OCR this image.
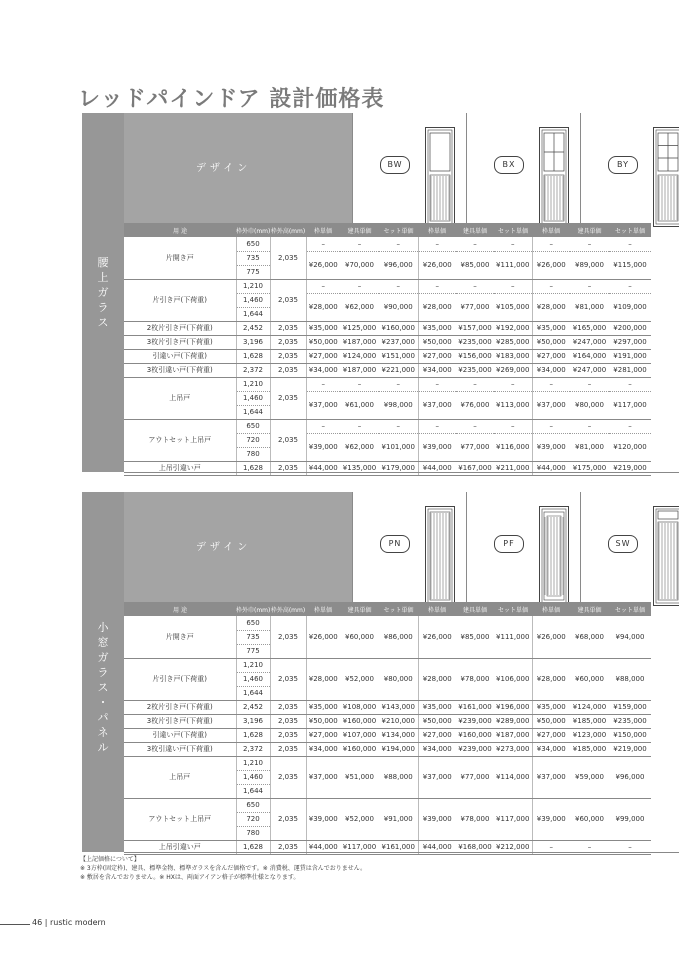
レッドパインドア 設計価格表
腰
上
ガ
ラ
ス
デザイン	BW	BX	BY
用 途	枠外巾(mm)	枠外高(mm)	枠単価	建具単価	セット単価	枠単価	建具単価	セット単価	枠単価	建具単価	セット単価
片開き戸	650	2,035	–	–	–	–	–	–	–	–	–
	735		¥26,000	¥70,000	¥96,000	¥26,000	¥85,000	¥111,000	¥26,000	¥89,000	¥115,000
	775										
片引き戸(下荷重)	1,210	2,035	–	–	–	–	–	–	–	–	–
	1,460		¥28,000	¥62,000	¥90,000	¥28,000	¥77,000	¥105,000	¥28,000	¥81,000	¥109,000
	1,644										
2枚片引き戸(下荷重)	2,452	2,035	¥35,000	¥125,000	¥160,000	¥35,000	¥157,000	¥192,000	¥35,000	¥165,000	¥200,000
3枚片引き戸(下荷重)	3,196	2,035	¥50,000	¥187,000	¥237,000	¥50,000	¥235,000	¥285,000	¥50,000	¥247,000	¥297,000
引違い戸(下荷重)	1,628	2,035	¥27,000	¥124,000	¥151,000	¥27,000	¥156,000	¥183,000	¥27,000	¥164,000	¥191,000
3枚引違い戸(下荷重)	2,372	2,035	¥34,000	¥187,000	¥221,000	¥34,000	¥235,000	¥269,000	¥34,000	¥247,000	¥281,000
上吊戸	1,210	2,035	–	–	–	–	–	–	–	–	–
	1,460		¥37,000	¥61,000	¥98,000	¥37,000	¥76,000	¥113,000	¥37,000	¥80,000	¥117,000
	1,644										
アウトセット上吊戸	650	2,035	–	–	–	–	–	–	–	–	–
	720		¥39,000	¥62,000	¥101,000	¥39,000	¥77,000	¥116,000	¥39,000	¥81,000	¥120,000
	780										
上吊引違い戸	1,628	2,035	¥44,000	¥135,000	¥179,000	¥44,000	¥167,000	¥211,000	¥44,000	¥175,000	¥219,000
小
窓
ガ
ラ
ス
・
パ
ネ
ル
デザイン	PN	PF	SW
用 途	枠外巾(mm)	枠外高(mm)	枠単価	建具単価	セット単価	枠単価	建具単価	セット単価	枠単価	建具単価	セット単価
片開き戸	650	2,035	¥26,000	¥60,000	¥86,000	¥26,000	¥85,000	¥111,000	¥26,000	¥68,000	¥94,000
	735										
	775										
片引き戸(下荷重)	1,210	2,035	¥28,000	¥52,000	¥80,000	¥28,000	¥78,000	¥106,000	¥28,000	¥60,000	¥88,000
	1,460										
	1,644										
2枚片引き戸(下荷重)	2,452	2,035	¥35,000	¥108,000	¥143,000	¥35,000	¥161,000	¥196,000	¥35,000	¥124,000	¥159,000
3枚片引き戸(下荷重)	3,196	2,035	¥50,000	¥160,000	¥210,000	¥50,000	¥239,000	¥289,000	¥50,000	¥185,000	¥235,000
引違い戸(下荷重)	1,628	2,035	¥27,000	¥107,000	¥134,000	¥27,000	¥160,000	¥187,000	¥27,000	¥123,000	¥150,000
3枚引違い戸(下荷重)	2,372	2,035	¥34,000	¥160,000	¥194,000	¥34,000	¥239,000	¥273,000	¥34,000	¥185,000	¥219,000
上吊戸	1,210	2,035	¥37,000	¥51,000	¥88,000	¥37,000	¥77,000	¥114,000	¥37,000	¥59,000	¥96,000
	1,460										
	1,644										
アウトセット上吊戸	650	2,035	¥39,000	¥52,000	¥91,000	¥39,000	¥78,000	¥117,000	¥39,000	¥60,000	¥99,000
	720										
	780										
上吊引違い戸	1,628	2,035	¥44,000	¥117,000	¥161,000	¥44,000	¥168,000	¥212,000	–	–	–
【上記価格について】
※ 3方枠(固定枠)、建具、標準金物、標準ガラスを含んだ価格です。※ 消費税、運賃は含んでおりません。
※ 敷居を含んでおりません。※ HXは、両面アイアン格子が標準仕様となります。
46 | rustic modern
